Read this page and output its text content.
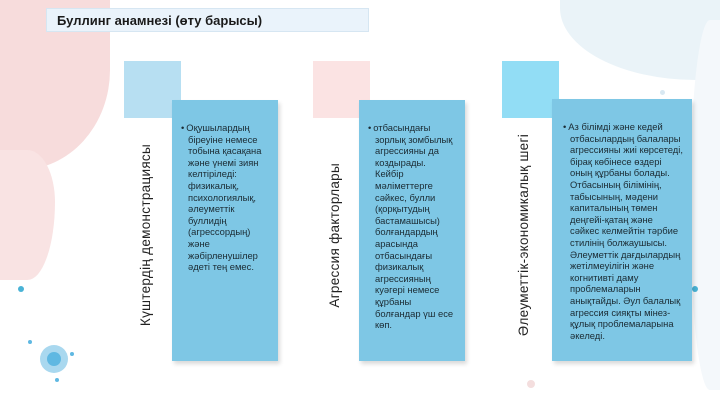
Буллинг анамнезі (өту барысы)
Күштердің демонстрациясы
• Оқушылардың біреуіне немесе тобына қасақана және үнемі зиян келтіріледі: физикалық, психологиялық, әлеуметтік буллидің (агрессордың) және жәбірленушілер әдеті тең емес.	Агрессия факторлары
• отбасындағы зорлық зомбылық агрессияны да коздырады. Кейбір мәліметтерге сәйкес, булли (қорқытудың бастамашысы) болғандардың арасында отбасындағы физикалық агрессияның куәгері немесе құрбаны болғандар үш есе көп.	Әлеуметтік-экономикалық шегі
• Аз білімді және кедей отбасылардың балалары агрессияны жиі көрсетеді, бірақ көбінесе өздері оның құрбаны болады. Отбасының білімінің, табысының, мәдени капиталының төмен деңгейі-қатаң және сәйкес келмейтін тәрбие стилінің болжаушысы. Әлеуметтік дағдылардың жетілмеуілігін және когнитивті даму проблемаларын анықтайды. Әул балалық агрессия сияқты мінез-құлық проблемаларына әкеледі.
